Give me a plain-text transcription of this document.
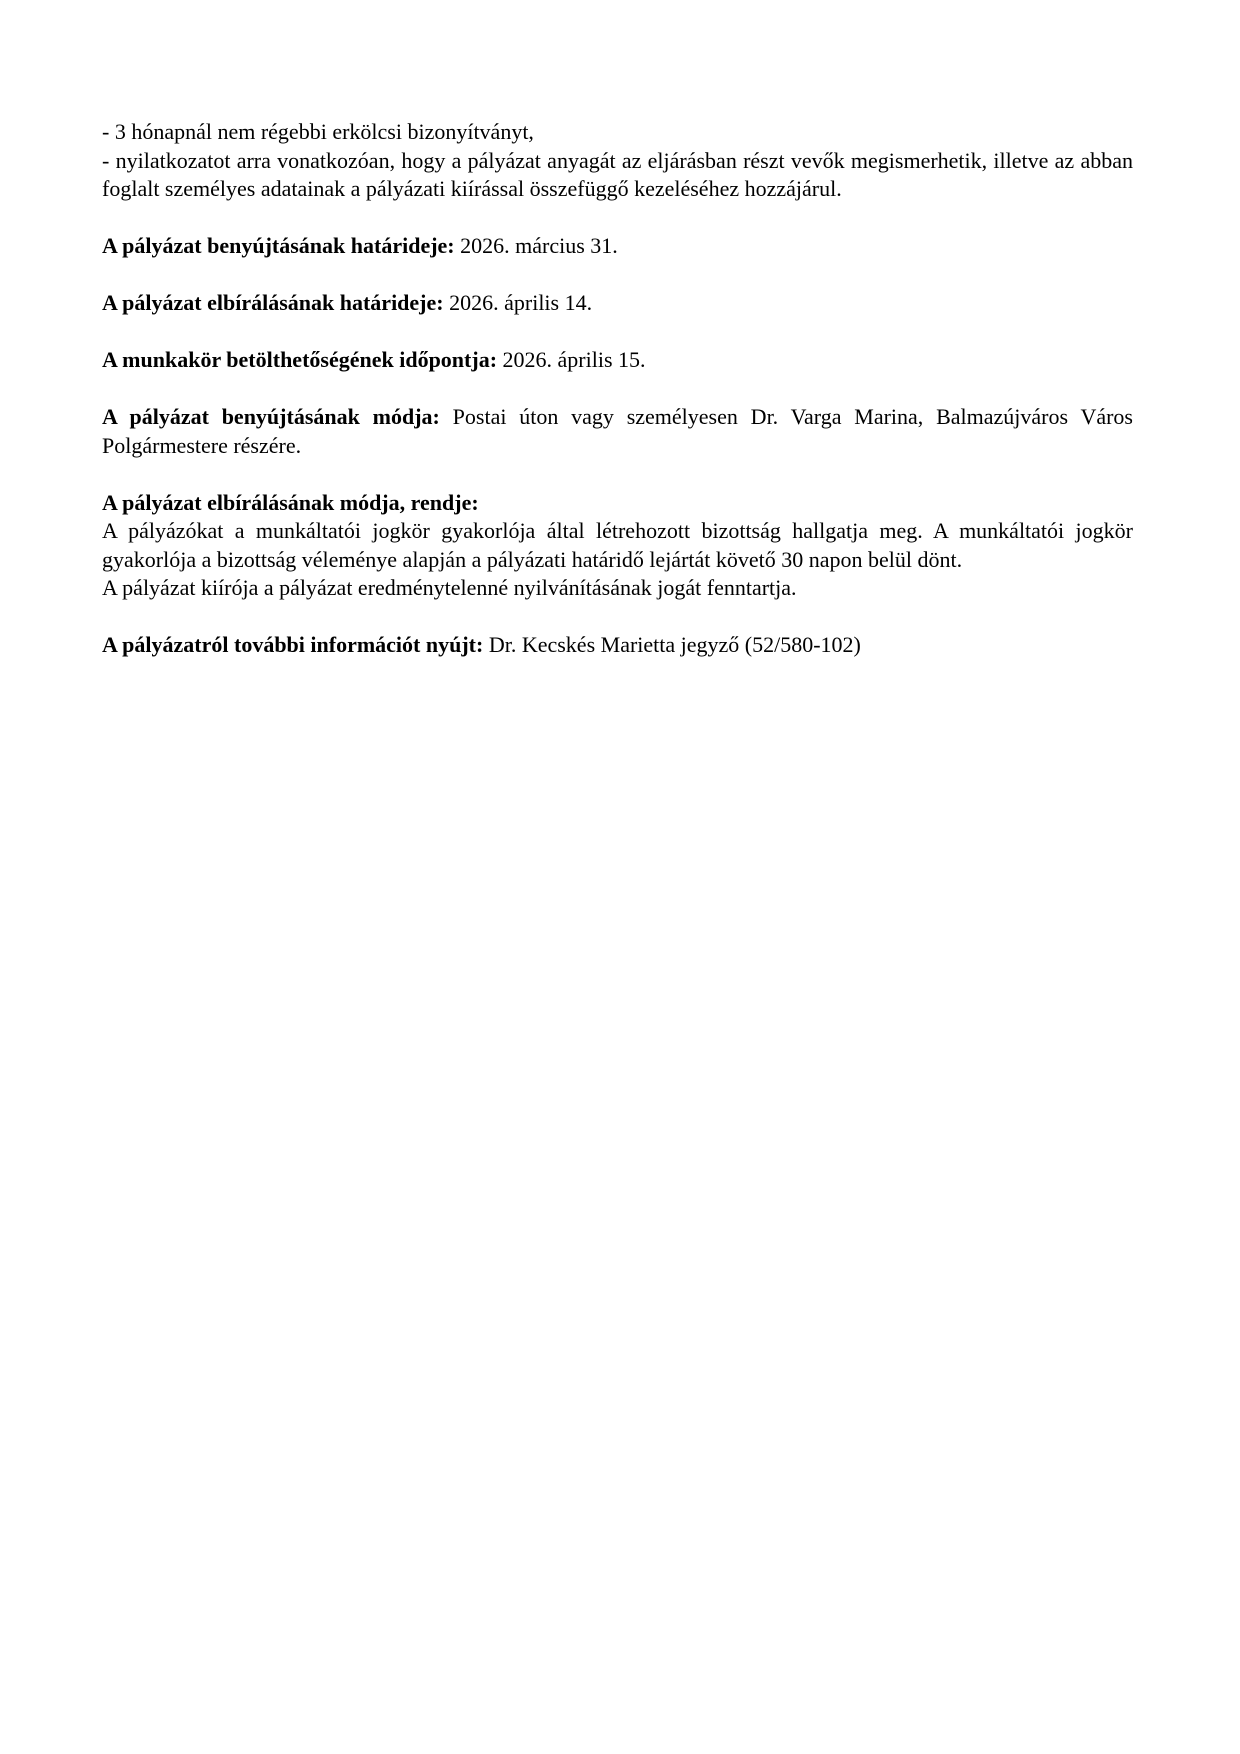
- 3 hónapnál nem régebbi erkölcsi bizonyítványt,

- nyilatkozatot arra vonatkozóan, hogy a pályázat anyagát az eljárásban részt vevők megismerhetik, illetve az abban foglalt személyes adatainak a pályázati kiírással összefüggő kezeléséhez hozzájárul.

A pályázat benyújtásának határideje: 2026. március 31.

A pályázat elbírálásának határideje: 2026. április 14.

A munkakör betölthetőségének időpontja: 2026. április 15.

A pályázat benyújtásának módja: Postai úton vagy személyesen Dr. Varga Marina, Balmazújváros Város Polgármestere részére.

A pályázat elbírálásának módja, rendje:

A pályázókat a munkáltatói jogkör gyakorlója által létrehozott bizottság hallgatja meg. A munkáltatói jogkör gyakorlója a bizottság véleménye alapján a pályázati határidő lejártát követő 30 napon belül dönt.

A pályázat kiírója a pályázat eredménytelenné nyilvánításának jogát fenntartja.

A pályázatról további információt nyújt: Dr. Kecskés Marietta jegyző (52/580-102)
